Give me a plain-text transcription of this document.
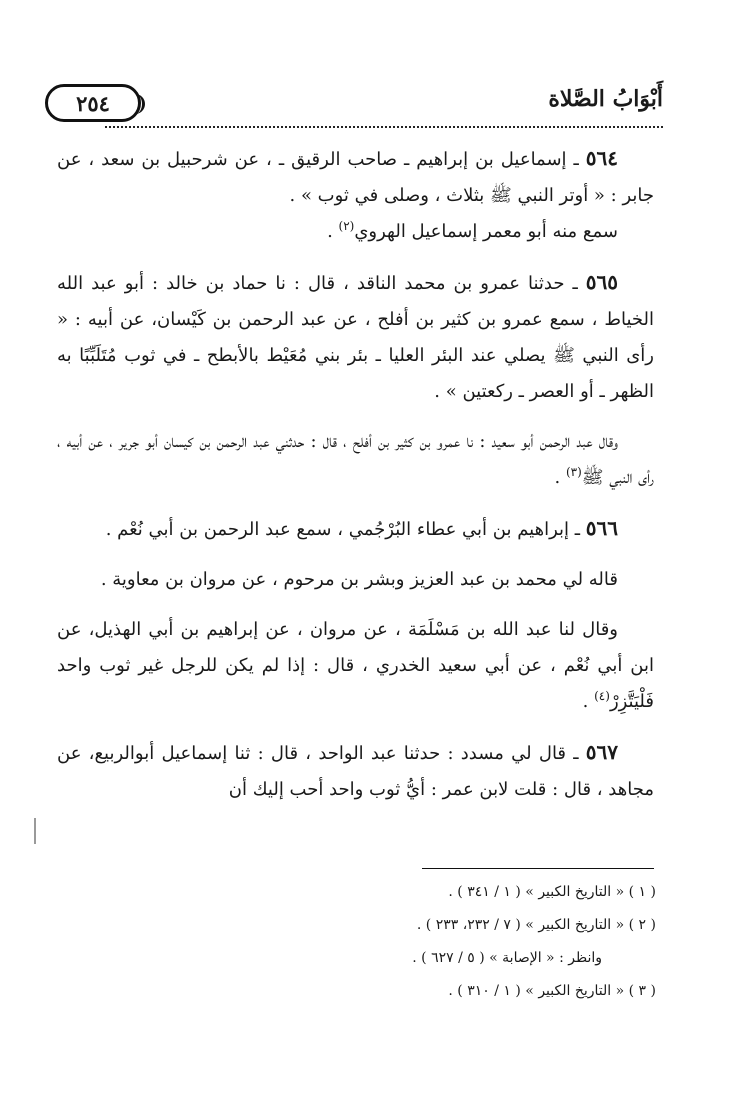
٢٥٤	أَبْوَابُ الصَّلاة

٥٦٤ ـ إسماعيل بن إبراهيم ـ صاحب الرقيق ـ ، عن شرحبيل بن سعد ، عن جابر : « أوتر النبي ﷺ بثلاث ، وصلى في ثوب » .

سمع منه أبو معمر إسماعيل الهروي$^{(٢)}$ .

٥٦٥ ـ حدثنا عمرو بن محمد الناقد ، قال : نا حماد بن خالد : أبو عبد الله الخياط ، سمع عمرو بن كثير بن أفلح ، عن عبد الرحمن بن كَيْسان، عن أبيه : « رأى النبي ﷺ يصلي عند البئر العليا ـ بئر بني مُعَيْط بالأبطح ـ في ثوب مُتَلَبِّبًا به الظهر ـ أو العصر ـ ركعتين » .

وقال عبد الرحمن أبو سعيد : نا عمرو بن كثير بن أفلح ، قال : حدثني عبد الرحمن بن كيسان أبو جرير ، عن أبيه ، رأى النبي ﷺ$^{(٣)}$ .

٥٦٦ ـ إبراهيم بن أبي عطاء البُرْجُمي ، سمع عبد الرحمن بن أبي نُعْم .

قاله لي محمد بن عبد العزيز وبشر بن مرحوم ، عن مروان بن معاوية .

وقال لنا عبد الله بن مَسْلَمَة ، عن مروان ، عن إبراهيم بن أبي الهذيل، عن ابن أبي نُعْم ، عن أبي سعيد الخدري ، قال : إذا لم يكن للرجل غير ثوب واحد فَلْيَتَّزِرْ$^{(٤)}$ .

٥٦٧ ـ قال لي مسدد : حدثنا عبد الواحد ، قال : ثنا إسماعيل أبوالربيع، عن مجاهد ، قال : قلت لابن عمر : أيُّ ثوب واحد أحب إليك أن

( ١ ) « التاريخ الكبير » ( ١ / ٣٤١ ) .

( ٢ ) « التاريخ الكبير » ( ٧ / ٢٣٢، ٢٣٣ ) .

وانظر : « الإصابة » ( ٥ / ٦٢٧ ) .

( ٣ ) « التاريخ الكبير » ( ١ / ٣١٠ ) .
